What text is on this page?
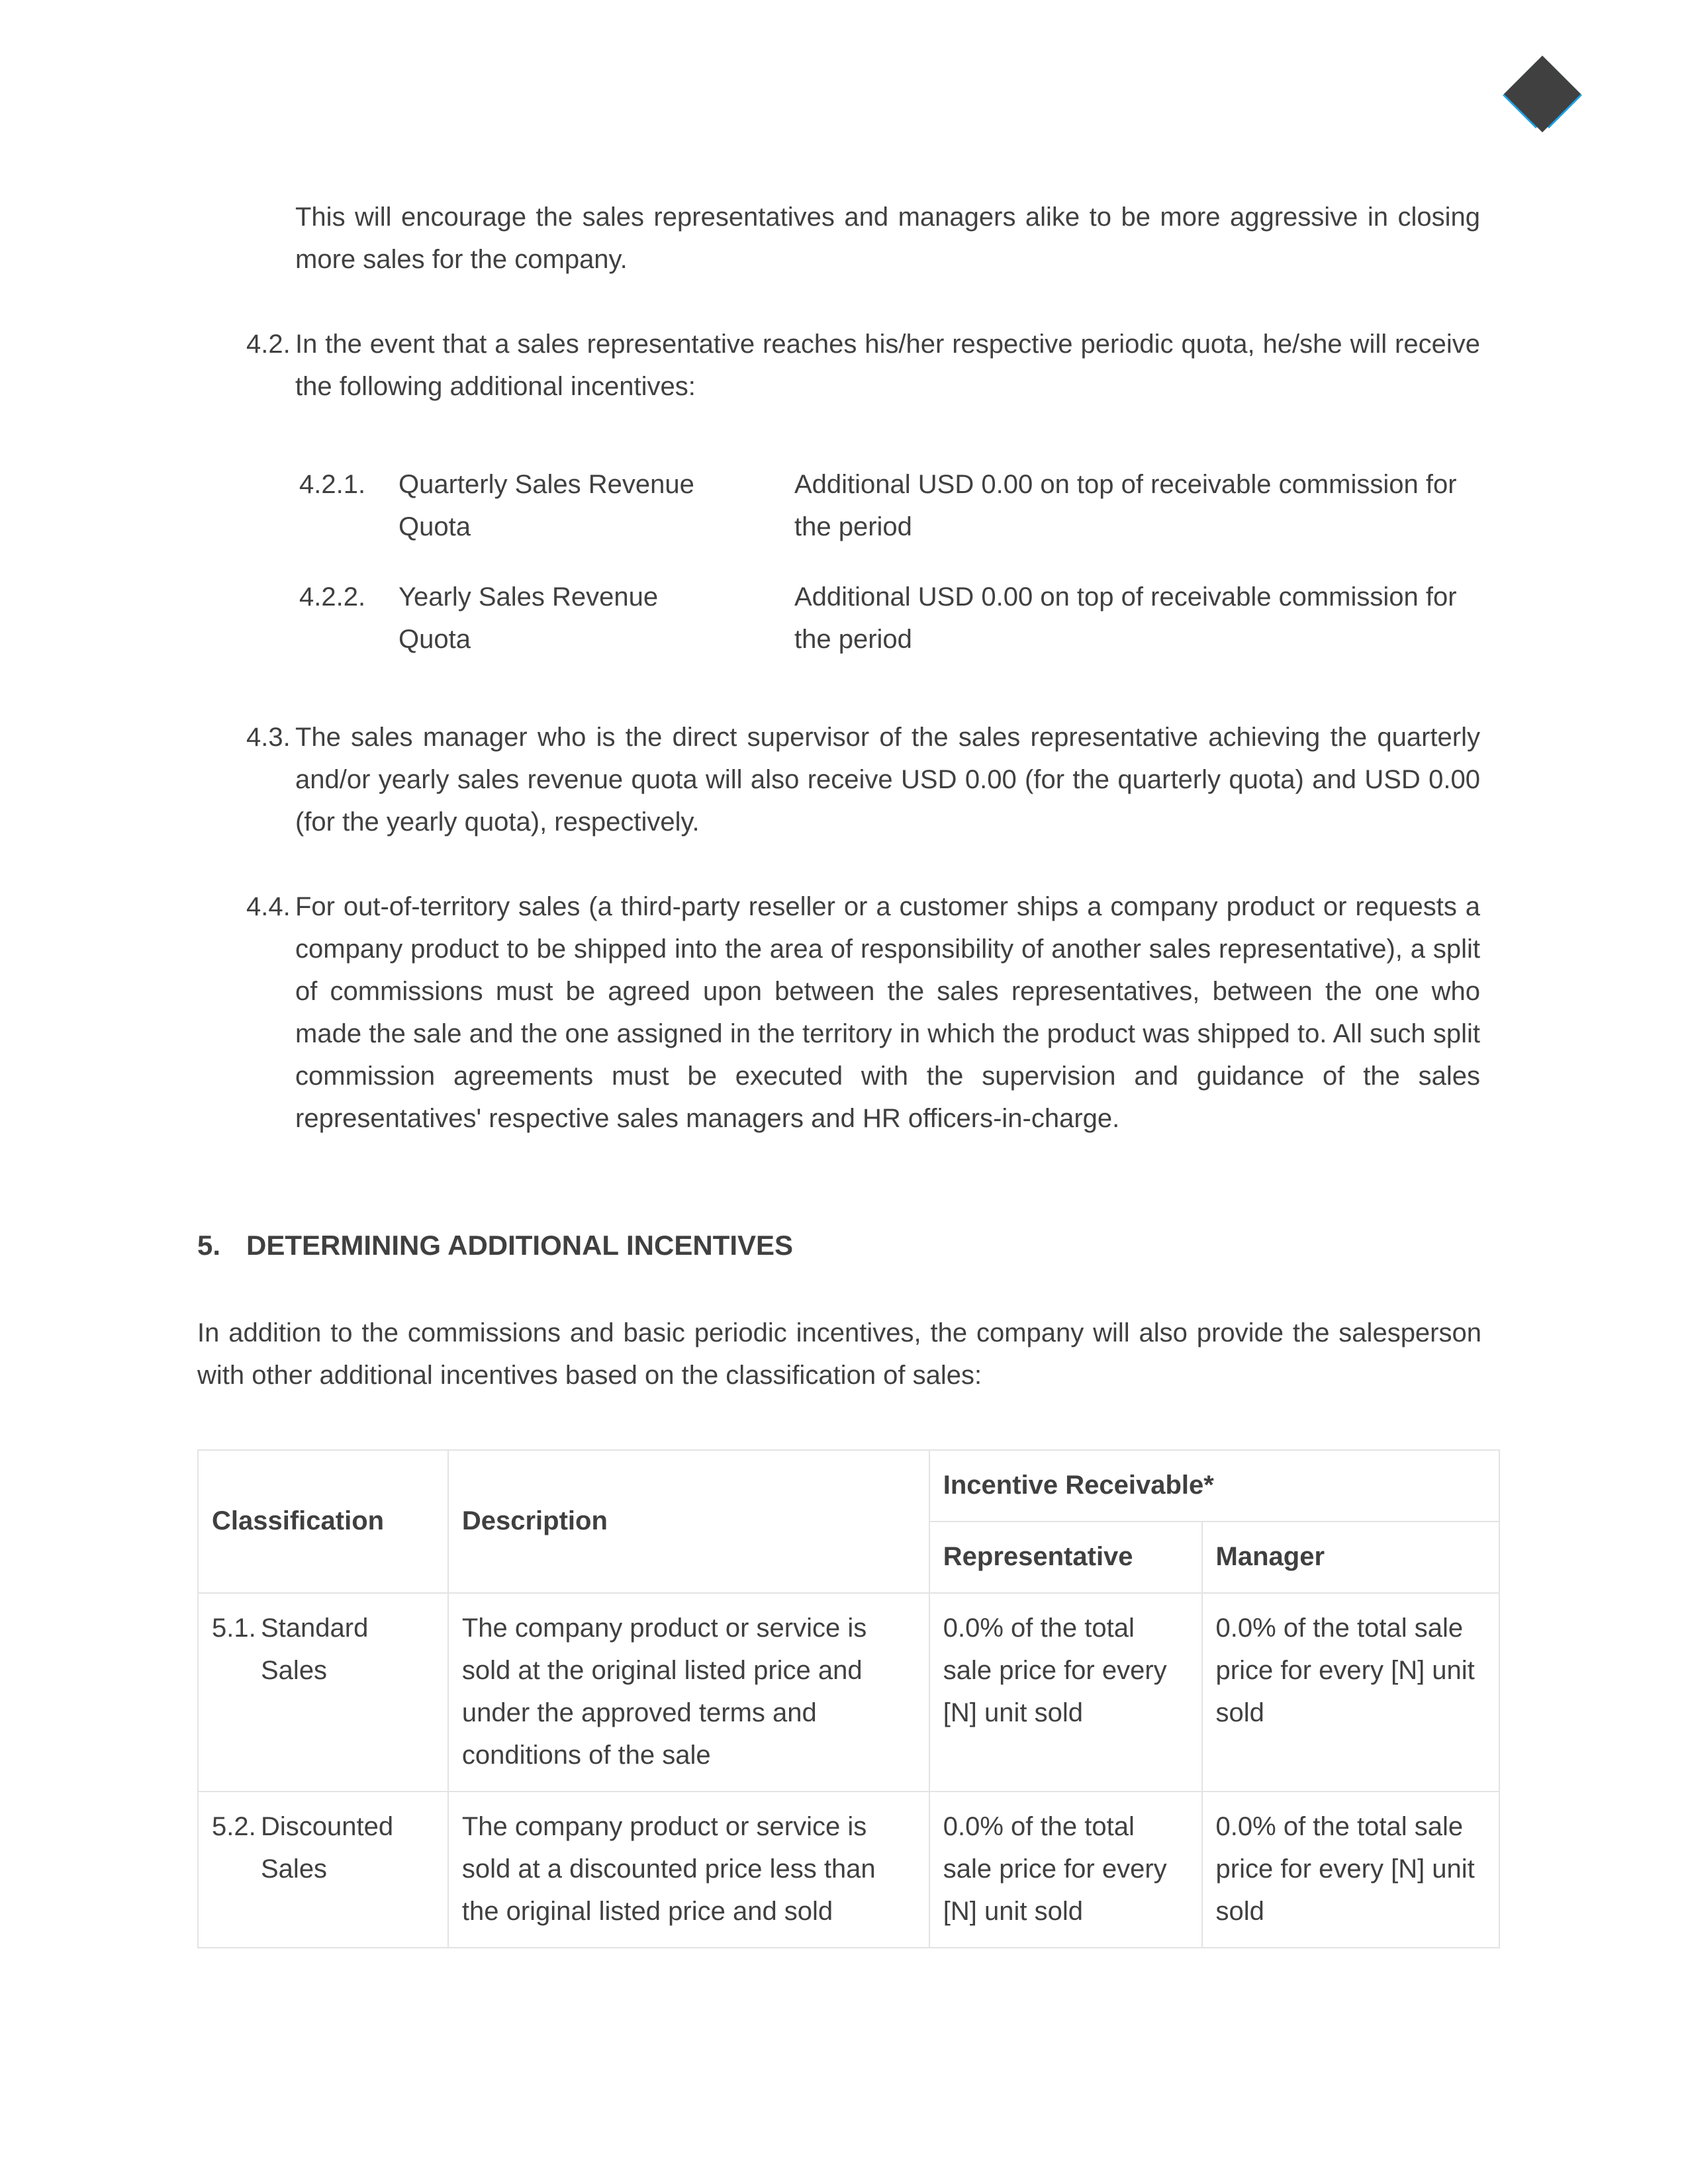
This will encourage the sales representatives and managers alike to be more aggressive in closing more sales for the company.
4.2. In the event that a sales representative reaches his/her respective periodic quota, he/she will receive the following additional incentives:
4.2.1. Quarterly Sales Revenue Quota
Additional USD 0.00 on top of receivable commission for the period
4.2.2. Yearly Sales Revenue Quota
Additional USD 0.00 on top of receivable commission for the period
4.3. The sales manager who is the direct supervisor of the sales representative achieving the quarterly and/or yearly sales revenue quota will also receive USD 0.00 (for the quarterly quota) and USD 0.00 (for the yearly quota), respectively.
4.4. For out-of-territory sales (a third-party reseller or a customer ships a company product or requests a company product to be shipped into the area of responsibility of another sales representative), a split of commissions must be agreed upon between the sales representatives, between the one who made the sale and the one assigned in the territory in which the product was shipped to. All such split commission agreements must be executed with the supervision and guidance of the sales representatives' respective sales managers and HR officers-in-charge.
5. DETERMINING ADDITIONAL INCENTIVES
In addition to the commissions and basic periodic incentives, the company will also provide the salesperson with other additional incentives based on the classification of sales:
Classification	Description	Incentive Receivable*	
		Representative	Manager

5.1. Standard Sales	The company product or service is sold at the original listed price and under the approved terms and conditions of the sale	0.0% of the total sale price for every [N] unit sold	0.0% of the total sale price for every [N] unit sold

5.2. Discounted Sales	The company product or service is sold at a discounted price less than the original listed price and sold	0.0% of the total sale price for every [N] unit sold	0.0% of the total sale price for every [N] unit sold
